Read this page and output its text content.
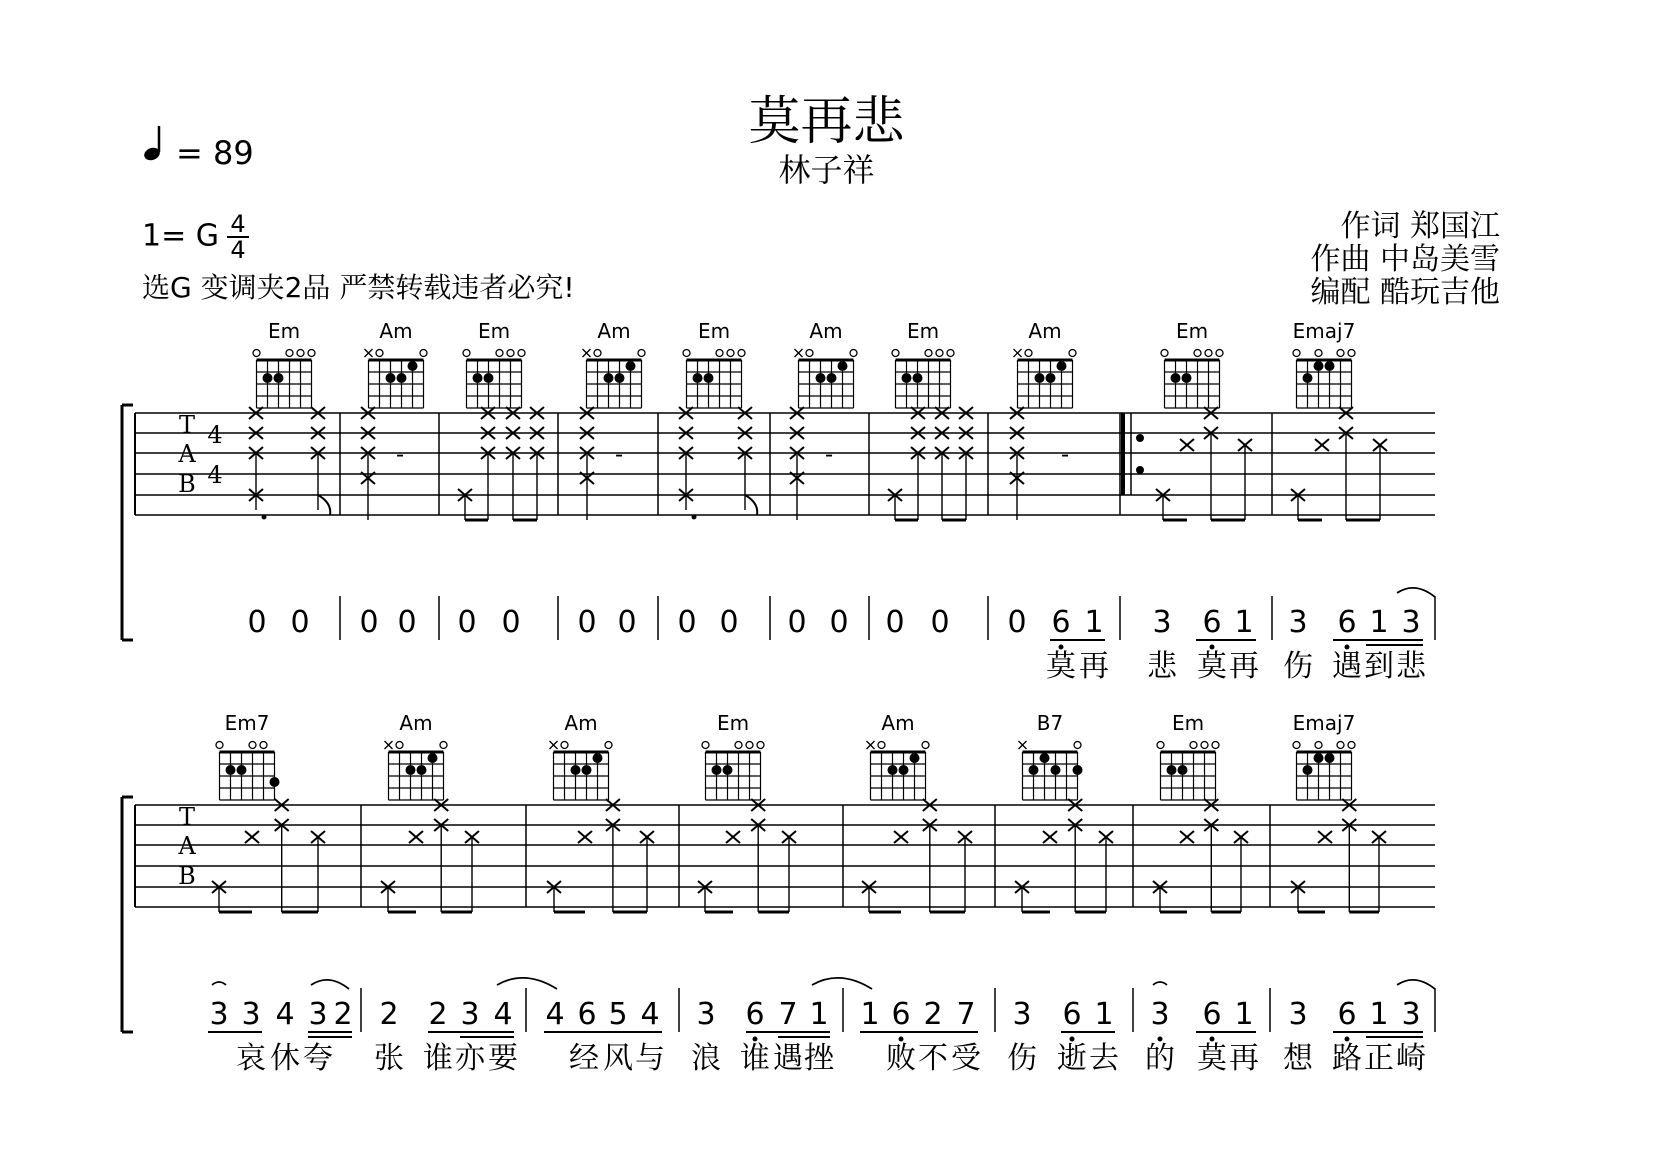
莫再悲
林子祥
= 89
1= G $\frac{4}{4}$
选G 变调夹2品 严禁转载违者必究!
作词 郑国江
作曲 中岛美雪
编配 酷玩吉他
Em	Am	Em	Am	Em	Am	Em	Am	Em	Emaj7
T
A
B
4
4
-	-	-	-
0 0 0 0 0 0 0 0 0 0 0 0 0 0 0 6 1 3 6 1 3 6 1 3
莫 再 悲 莫 再 伤 遇 到 悲
Em7	Am	Am	Em	Am	B7	Em	Emaj7
T
A
B
3 3 4 3 2 2 2 3 4 4 6 5 4 3 6 7 1 1 6 2 7 3 6 1 3 6 1 3 6 1 3
哀 休 夸 张 谁 亦 要 经 风 与 浪 谁 遇 挫 败 不 受 伤 逝 去 的 莫 再 想 路 正 崎
